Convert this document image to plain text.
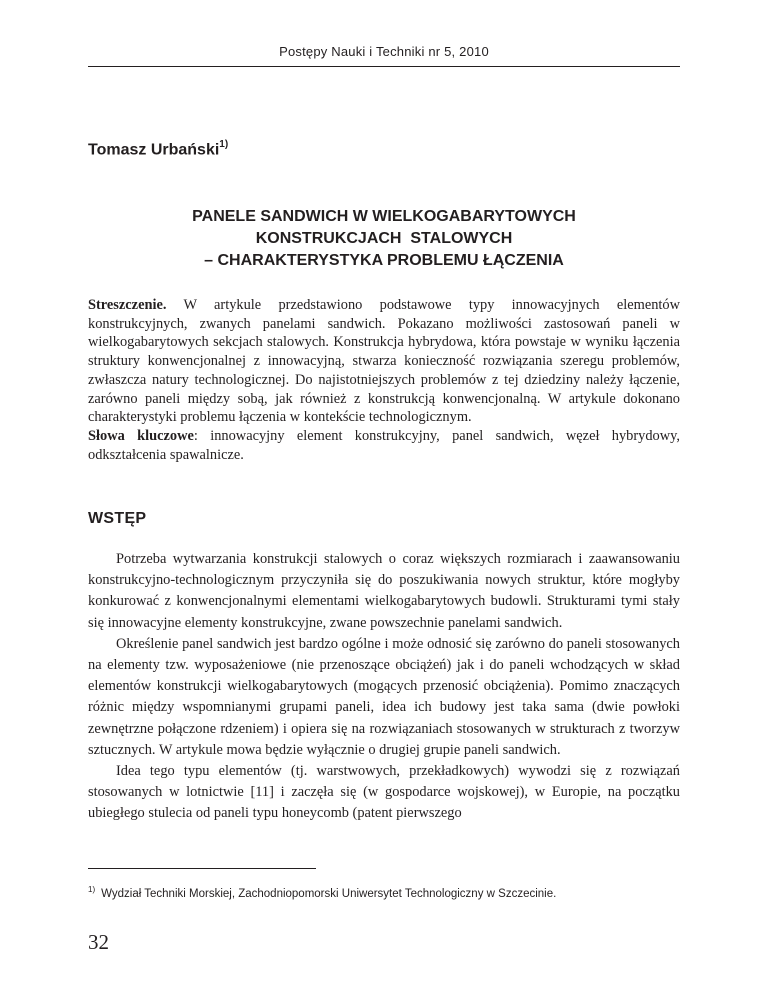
Postępy Nauki i Techniki nr 5, 2010
Tomasz Urbański$^{1)}$
PANELE SANDWICH W WIELKOGABARYTOWYCH
KONSTRUKCJACH  STALOWYCH
– CHARAKTERYSTYKA PROBLEMU ŁĄCZENIA

Streszczenie. W artykule przedstawiono podstawowe typy innowacyjnych elementów konstrukcyjnych, zwanych panelami sandwich. Pokazano możliwości zastosowań paneli w wielkogabarytowych sekcjach stalowych. Konstrukcja hybrydowa, która powstaje w wyniku łączenia struktury konwencjonalnej z innowacyjną, stwarza konieczność rozwiązania szeregu problemów, zwłaszcza natury technologicznej. Do najistotniejszych problemów z tej dziedziny należy łączenie, zarówno paneli między sobą, jak również z konstrukcją konwencjonalną. W artykule dokonano charakterystyki problemu łączenia w kontekście technologicznym.

Słowa kluczowe: innowacyjny element konstrukcyjny, panel sandwich, węzeł hybrydowy, odkształcenia spawalnicze.

WSTĘP

Potrzeba wytwarzania konstrukcji stalowych o coraz większych rozmiarach i zaawansowaniu konstrukcyjno-technologicznym przyczyniła się do poszukiwania nowych struktur, które mogłyby konkurować z konwencjonalnymi elementami wielkogabarytowych budowli. Strukturami tymi stały się innowacyjne elementy konstrukcyjne, zwane powszechnie panelami sandwich.

Określenie panel sandwich jest bardzo ogólne i może odnosić się zarówno do paneli stosowanych na elementy tzw. wyposażeniowe (nie przenoszące obciążeń) jak i do paneli wchodzących w skład elementów konstrukcji wielkogabarytowych (mogących przenosić obciążenia). Pomimo znaczących różnic między wspomnianymi grupami paneli, idea ich budowy jest taka sama (dwie powłoki zewnętrzne połączone rdzeniem) i opiera się na rozwiązaniach stosowanych w strukturach z tworzyw sztucznych. W artykule mowa będzie wyłącznie o drugiej grupie paneli sandwich.

Idea tego typu elementów (tj. warstwowych, przekładkowych) wywodzi się z rozwiązań stosowanych w lotnictwie [11] i zaczęła się (w gospodarce wojskowej), w Europie, na początku ubiegłego stulecia od paneli typu honeycomb (patent pierwszego

$^{1)}$ Wydział Techniki Morskiej, Zachodniopomorski Uniwersytet Technologiczny w Szczecinie.
32
